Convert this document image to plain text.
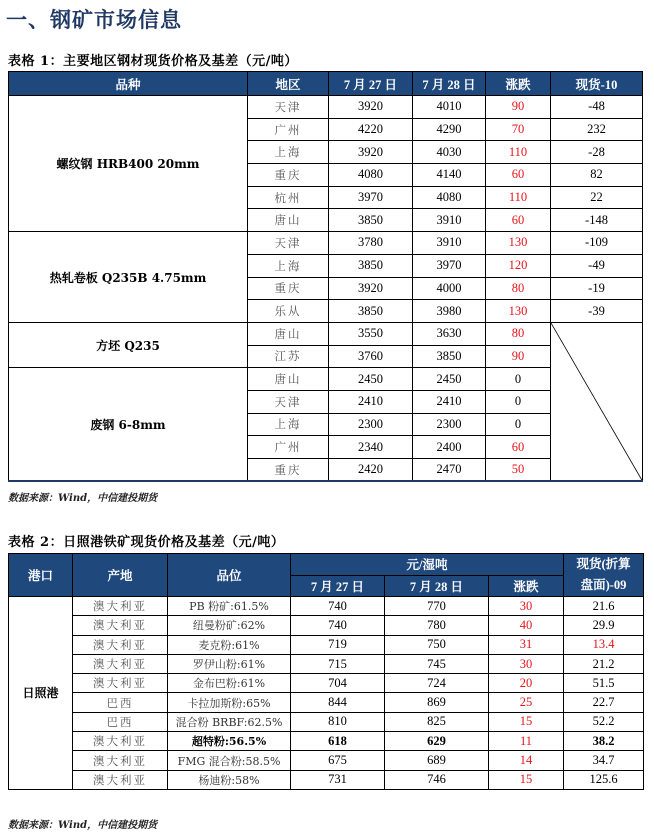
一、钢矿市场信息
表格 1：主要地区钢材现货价格及基差（元/吨）
品种	地区	7 月 27 日	7 月 28 日	涨跌	现货-10
螺纹钢 HRB400 20mm	天津	3920	4010	90	-48
	广州	4220	4290	70	232
	上海	3920	4030	110	-28
	重庆	4080	4140	60	82
	杭州	3970	4080	110	22
	唐山	3850	3910	60	-148
热轧卷板 Q235B 4.75mm	天津	3780	3910	130	-109
	上海	3850	3970	120	-49
	重庆	3920	4000	80	-19
	乐从	3850	3980	130	-39
方坯 Q235	唐山	3550	3630	80	

	江苏	3760	3850	90	
废钢 6-8mm	唐山	2450	2450	0	
	天津	2410	2410	0	
	上海	2300	2300	0	
	广州	2340	2400	60	
	重庆	2420	2470	50	
数据来源：Wind，中信建投期货
表格 2：日照港铁矿现货价格及基差（元/吨）
港口	产地	品位	元/湿吨			现货(折算
盘面)-09

			7 月 27 日	7 月 28 日	涨跌	
日照港	澳大利亚	PB 粉矿:61.5%	740	770	30	21.6
	澳大利亚	纽曼粉矿:62%	740	780	40	29.9
	澳大利亚	麦克粉:61%	719	750	31	13.4
	澳大利亚	罗伊山粉:61%	715	745	30	21.2
	澳大利亚	金布巴粉:61%	704	724	20	51.5
	巴西	卡拉加斯粉:65%	844	869	25	22.7
	巴西	混合粉 BRBF:62.5%	810	825	15	52.2
	澳大利亚	超特粉:56.5%	618	629	11	38.2
	澳大利亚	FMG 混合粉:58.5%	675	689	14	34.7
	澳大利亚	杨迪粉:58%	731	746	15	125.6
数据来源：Wind，中信建投期货
